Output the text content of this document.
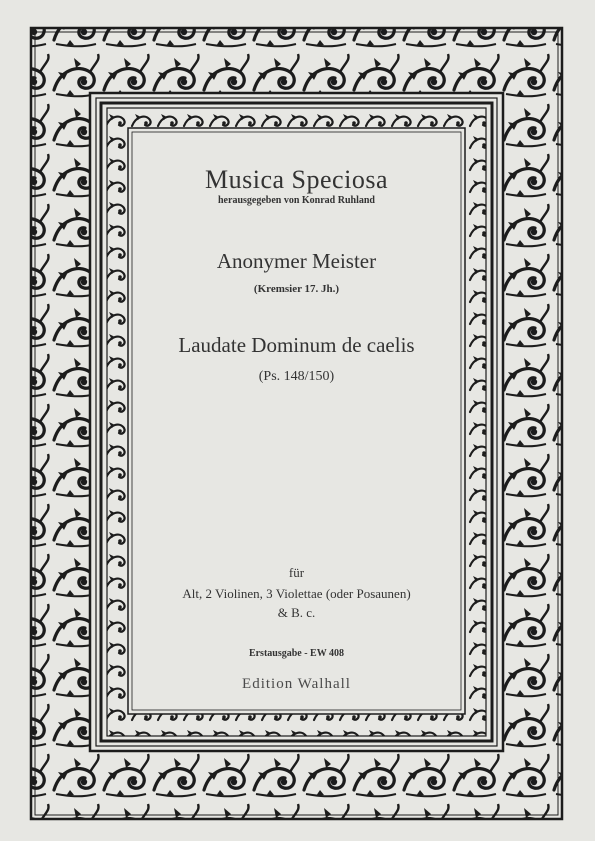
Musica Speciosa
herausgegeben von Konrad Ruhland
Anonymer Meister
(Kremsier 17. Jh.)
Laudate Dominum de caelis
(Ps. 148/150)
für
Alt, 2 Violinen, 3 Violettae (oder Posaunen)
& B. c.
Erstausgabe - EW 408
Edition Walhall
